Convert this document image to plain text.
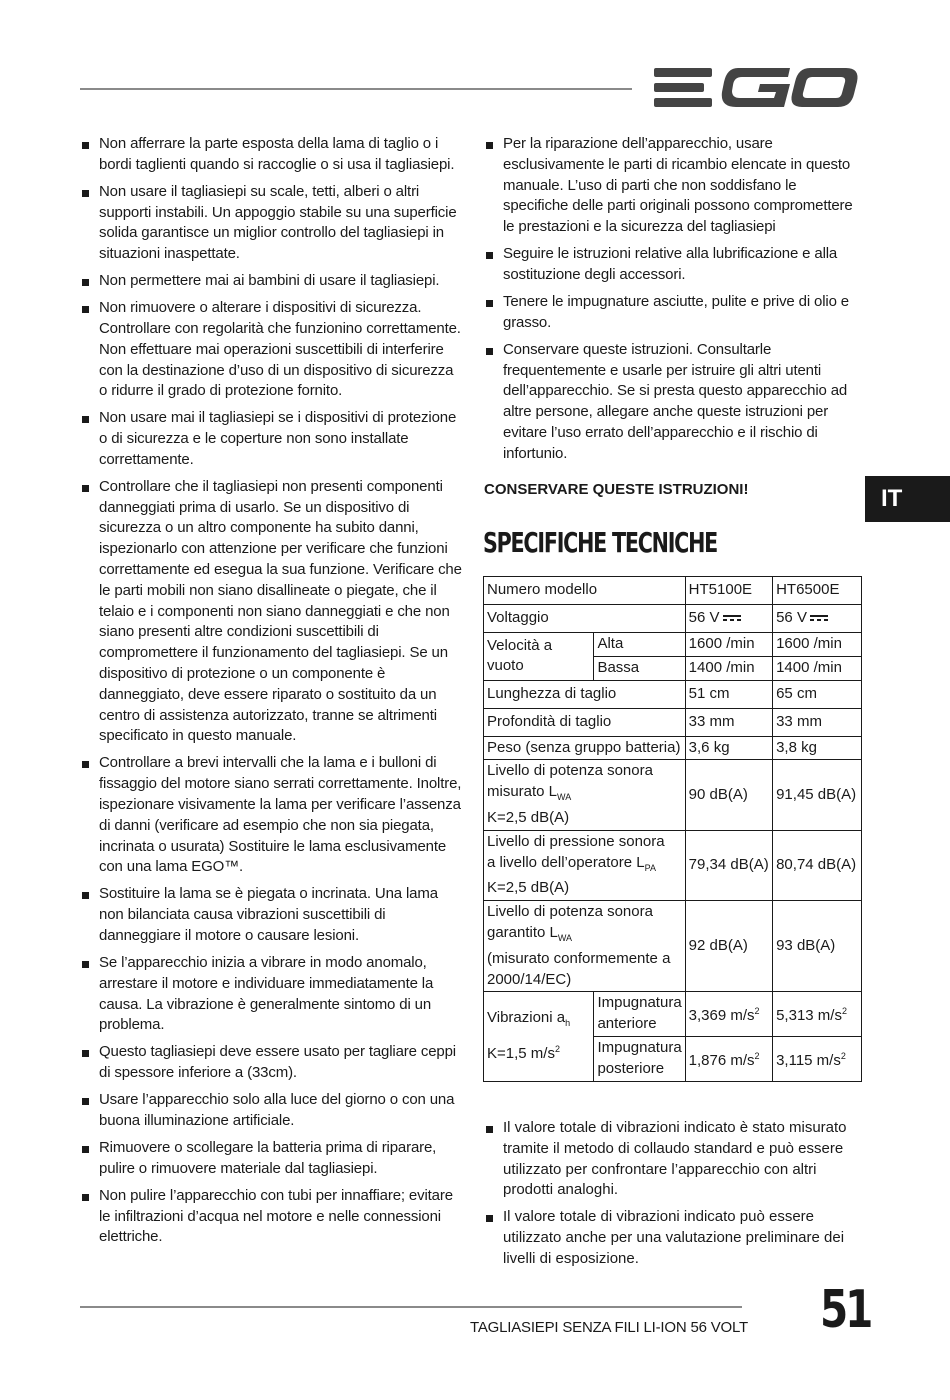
IT
Non afferrare la parte esposta della lama di taglio o i bordi taglienti quando si raccoglie o si usa il tagliasiepi.
Non usare il tagliasiepi su scale, tetti, alberi o altri supporti instabili. Un appoggio stabile su una superficie solida garantisce un miglior controllo del tagliasiepi in situazioni inaspettate.
Non permettere mai ai bambini di usare il tagliasiepi.
Non rimuovere o alterare i dispositivi di sicurezza. Controllare con regolarità che funzionino correttamente. Non effettuare mai operazioni suscettibili di interferire con la destinazione d’uso di un dispositivo di sicurezza o ridurre il grado di protezione fornito.
Non usare mai il tagliasiepi se i dispositivi di protezione o di sicurezza e le coperture non sono installate correttamente.
Controllare che il tagliasiepi non presenti componenti danneggiati prima di usarlo. Se un dispositivo di sicurezza o un altro componente ha subito danni, ispezionarlo con attenzione per verificare che funzioni correttamente ed esegua la sua funzione. Verificare che le parti mobili non siano disallineate o piegate, che il telaio e i componenti non siano danneggiati e che non siano presenti altre condizioni suscettibili di compromettere il funzionamento del tagliasiepi. Se un dispositivo di protezione o un componente è danneggiato, deve essere riparato o sostituito da un centro di assistenza autorizzato, tranne se altrimenti specificato in questo manuale.
Controllare a brevi intervalli che la lama e i bulloni di fissaggio del motore siano serrati correttamente. Inoltre, ispezionare visivamente la lama per verificare l’assenza di danni (verificare ad esempio che non sia piegata, incrinata o usurata) Sostituire le lama esclusivamente con una lama EGO™.
Sostituire la lama se è piegata o incrinata. Una lama non bilanciata causa vibrazioni suscettibili di danneggiare il motore o causare lesioni.
Se l’apparecchio inizia a vibrare in modo anomalo, arrestare il motore e individuare immediatamente la causa. La vibrazione è generalmente sintomo di un problema.
Questo tagliasiepi deve essere usato per tagliare ceppi di spessore inferiore a (33cm).
Usare l’apparecchio solo alla luce del giorno o con una buona illuminazione artificiale.
Rimuovere o scollegare la batteria prima di riparare, pulire o rimuovere materiale dal tagliasiepi.
Non pulire l’apparecchio con tubi per innaffiare; evitare le infiltrazioni d’acqua nel motore e nelle connessioni elettriche.
Per la riparazione dell’apparecchio, usare esclusivamente le parti di ricambio elencate in questo manuale. L’uso di parti che non soddisfano le specifiche delle parti originali possono compromettere le prestazioni e la sicurezza del tagliasiepi
Seguire le istruzioni relative alla lubrificazione e alla sostituzione degli accessori.
Tenere le impugnature asciutte, pulite e prive di olio e grasso.
Conservare queste istruzioni. Consultarle frequentemente e usarle per istruire gli altri utenti dell’apparecchio. Se si presta questo apparecchio ad altre persone, allegare anche queste istruzioni per evitare l’uso errato dell’apparecchio e il rischio di infortunio.
CONSERVARE QUESTE ISTRUZIONI!
SPECIFICHE TECNICHE
Numero modello		HT5100E	HT6500E
Voltaggio		56 V	56 V
Velocità a vuoto	Alta	1600 /min	1600 /min
	Bassa	1400 /min	1400 /min
Lunghezza di taglio		51 cm	65 cm
Profondità di taglio		33 mm	33 mm
Peso (senza gruppo batteria)		3,6 kg	3,8 kg

Livello di potenza sonora
misurato $L_{WA}$
K=2,5 dB(A)		90 dB(A)	91,45 dB(A)

Livello di pressione sonora
a livello dell’operatore $L_{PA}$
K=2,5 dB(A)		79,34 dB(A)	80,74 dB(A)

Livello di potenza sonora
garantito $L_{WA}$
(misurato conformemente a 2000/14/EC)		92 dB(A)	93 dB(A)

Vibrazioni $a_h$
K=1,5 $m/s^2$	Impugnatura anteriore	3,369 $m/s^2$	5,313 $m/s^2$
	Impugnatura posteriore	1,876 $m/s^2$	3,115 $m/s^2$
Il valore totale di vibrazioni indicato è stato misurato tramite il metodo di collaudo standard e può essere utilizzato per confrontare l’apparecchio con altri prodotti analoghi.
Il valore totale di vibrazioni indicato può essere utilizzato anche per una valutazione preliminare dei livelli di esposizione.
TAGLIASIEPI SENZA FILI LI-ION 56 VOLT 51
